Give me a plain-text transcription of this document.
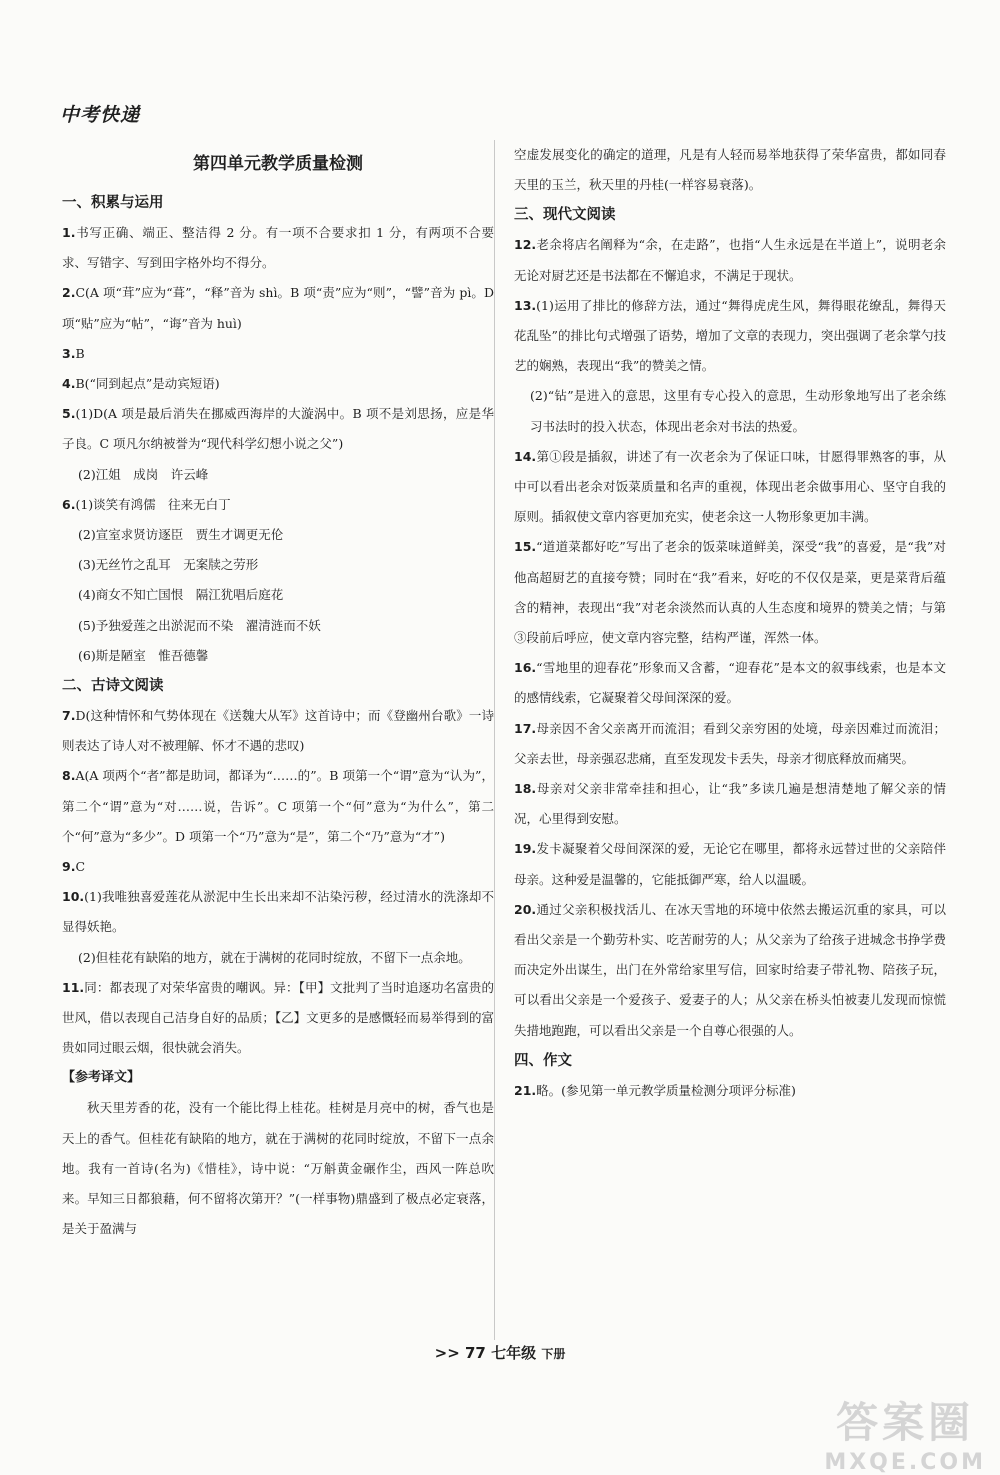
中考快递
第四单元教学质量检测
一、积累与运用

1.书写正确、端正、整洁得 2 分。有一项不合要求扣 1 分，有两项不合要求、写错字、写到田字格外均不得分。

2.C(A 项“茸”应为“葺”，“释”音为 shì。B 项“责”应为“则”，“譬”音为 pì。D 项“贴”应为“帖”，“诲”音为 huì)

3.B

4.B(“同到起点”是动宾短语)

5.(1)D(A 项是最后消失在挪威西海岸的大漩涡中。B 项不是刘思扬，应是华子良。C 项凡尔纳被誉为“现代科学幻想小说之父”)

(2)江姐　成岗　许云峰

6.(1)谈笑有鸿儒　往来无白丁

(2)宣室求贤访逐臣　贾生才调更无伦

(3)无丝竹之乱耳　无案牍之劳形

(4)商女不知亡国恨　隔江犹唱后庭花

(5)予独爱莲之出淤泥而不染　濯清涟而不妖

(6)斯是陋室　惟吾德馨

二、古诗文阅读

7.D(这种情怀和气势体现在《送魏大从军》这首诗中；而《登幽州台歌》一诗则表达了诗人对不被理解、怀才不遇的悲叹)

8.A(A 项两个“者”都是助词，都译为“……的”。B 项第一个“谓”意为“认为”，第二个“谓”意为“对……说，告诉”。C 项第一个“何”意为“为什么”，第二个“何”意为“多少”。D 项第一个“乃”意为“是”，第二个“乃”意为“才”)

9.C

10.(1)我唯独喜爱莲花从淤泥中生长出来却不沾染污秽，经过清水的洗涤却不显得妖艳。

(2)但桂花有缺陷的地方，就在于满树的花同时绽放，不留下一点余地。

11.同：都表现了对荣华富贵的嘲讽。异：【甲】文批判了当时追逐功名富贵的世风，借以表现自己洁身自好的品质；【乙】文更多的是感慨轻而易举得到的富贵如同过眼云烟，很快就会消失。

【参考译文】

秋天里芳香的花，没有一个能比得上桂花。桂树是月亮中的树，香气也是天上的香气。但桂花有缺陷的地方，就在于满树的花同时绽放，不留下一点余地。我有一首诗(名为)《惜桂》，诗中说：“万斛黄金碾作尘，西风一阵总吹来。早知三日都狼藉，何不留将次第开？”(一样事物)鼎盛到了极点必定衰落，是关于盈满与

空虚发展变化的确定的道理，凡是有人轻而易举地获得了荣华富贵，都如同春天里的玉兰，秋天里的丹桂(一样容易衰落)。

三、现代文阅读

12.老余将店名阐释为“余，在走路”，也指“人生永远是在半道上”，说明老余无论对厨艺还是书法都在不懈追求，不满足于现状。

13.(1)运用了排比的修辞方法，通过“舞得虎虎生风，舞得眼花缭乱，舞得天花乱坠”的排比句式增强了语势，增加了文章的表现力，突出强调了老余掌勺技艺的娴熟，表现出“我”的赞美之情。

(2)“钻”是进入的意思，这里有专心投入的意思，生动形象地写出了老余练习书法时的投入状态，体现出老余对书法的热爱。

14.第①段是插叙，讲述了有一次老余为了保证口味，甘愿得罪熟客的事，从中可以看出老余对饭菜质量和名声的重视，体现出老余做事用心、坚守自我的原则。插叙使文章内容更加充实，使老余这一人物形象更加丰满。

15.“道道菜都好吃”写出了老余的饭菜味道鲜美，深受“我”的喜爱，是“我”对他高超厨艺的直接夸赞；同时在“我”看来，好吃的不仅仅是菜，更是菜背后蕴含的精神，表现出“我”对老余淡然而认真的人生态度和境界的赞美之情；与第③段前后呼应，使文章内容完整，结构严谨，浑然一体。

16.“雪地里的迎春花”形象而又含蓄，“迎春花”是本文的叙事线索，也是本文的感情线索，它凝聚着父母间深深的爱。

17.母亲因不舍父亲离开而流泪；看到父亲穷困的处境，母亲因难过而流泪；父亲去世，母亲强忍悲痛，直至发现发卡丢失，母亲才彻底释放而痛哭。

18.母亲对父亲非常牵挂和担心，让“我”多读几遍是想清楚地了解父亲的情况，心里得到安慰。

19.发卡凝聚着父母间深深的爱，无论它在哪里，都将永远替过世的父亲陪伴母亲。这种爱是温馨的，它能抵御严寒，给人以温暖。

20.通过父亲积极找活儿、在冰天雪地的环境中依然去搬运沉重的家具，可以看出父亲是一个勤劳朴实、吃苦耐劳的人；从父亲为了给孩子进城念书挣学费而决定外出谋生，出门在外常给家里写信，回家时给妻子带礼物、陪孩子玩，可以看出父亲是一个爱孩子、爱妻子的人；从父亲在桥头怕被妻儿发现而惊慌失措地跑跑，可以看出父亲是一个自尊心很强的人。

四、作文

21.略。(参见第一单元教学质量检测分项评分标准)

>> 77 七年级 下册
答案圈
MXQE.COM
